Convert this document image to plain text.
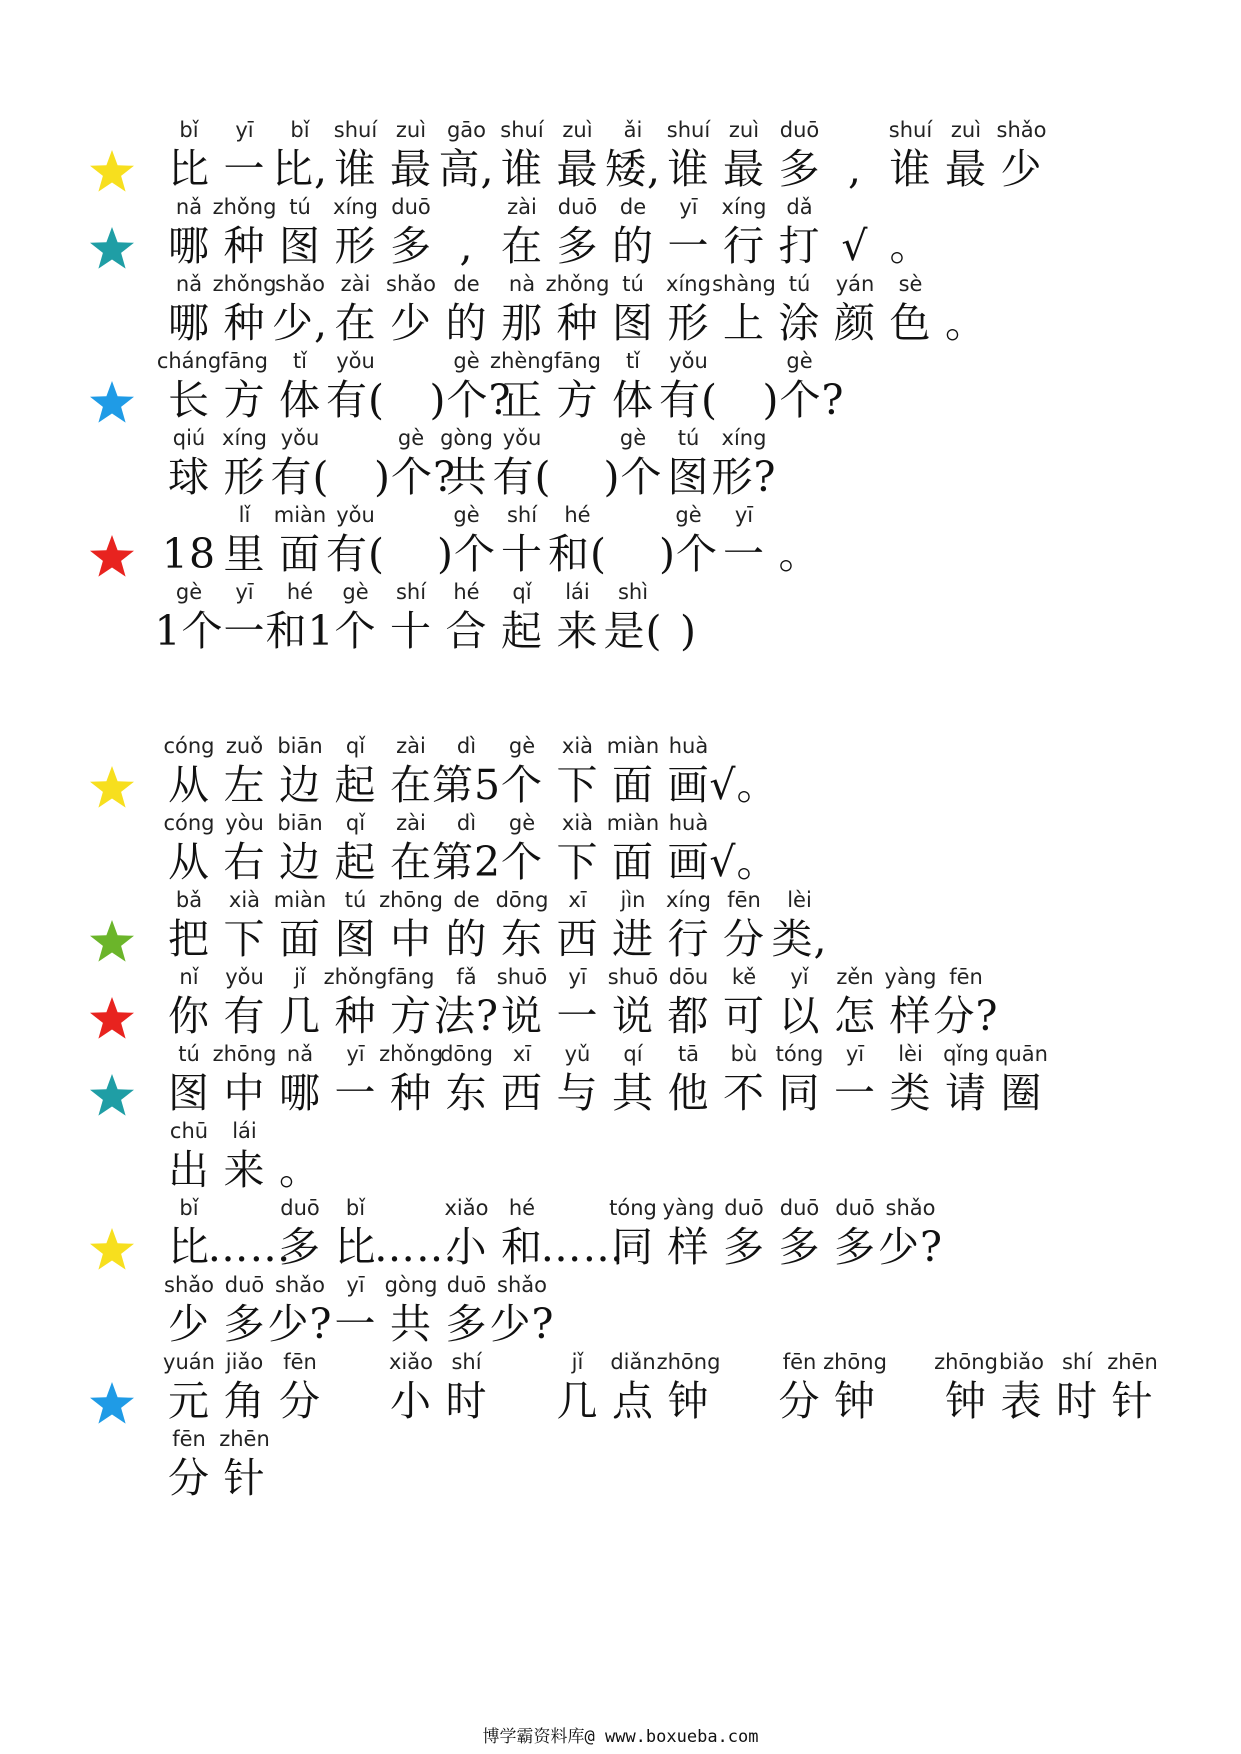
bǐ
比
yī
一
bǐ
比,
shuí
谁
zuì
最
gāo
高,
shuí
谁
zuì
最
ǎi
矮,
shuí
谁
zuì
最
duō
多 ,
shuí
谁
zuì
最
shǎo
少
nǎ
哪
zhǒng
种
tú
图
xíng
形
duō
多 ,
zài
在
duō
多
de
的
yī
一
xíng
行
dǎ
打 √ 。
nǎ
哪
zhǒng
种
shǎo
少,
zài
在
shǎo
少
de
的
nà
那
zhǒng
种
tú
图
xíng
形
shàng
上
tú
涂
yán
颜
sè
色 。
cháng
长
fāng
方
tǐ
体
yǒu
有(
gè
)个?
zhèng
正
fāng
方
tǐ
体
yǒu
有(
gè
)个?
qiú
球
xíng
形
yǒu
有(
gè
)个?
gòng
共
yǒu
有(
gè
)个
tú
图
xíng
形?
18
lǐ
里
miàn
面
yǒu
有(
gè
)个
shí
十
hé
和(
gè
)个
yī
一 。
gè
1个
yī
一
hé
和1
gè
个
shí
十
hé
合
qǐ
起
lái
来
shì
是( )
cóng
从
zuǒ
左
biān
边
qǐ
起
zài
在
dì
第5
gè
个
xià
下
miàn
面
huà
画 √。
cóng
从
yòu
右
biān
边
qǐ
起
zài
在
dì
第2
gè
个
xià
下
miàn
面
huà
画 √。
bǎ
把
xià
下
miàn
面
tú
图
zhōng
中
de
的
dōng
东
xī
西
jìn
进
xíng
行
fēn
分
lèi
类,
nǐ
你
yǒu
有
jǐ
几
zhǒng
种
fāng
方
fǎ
法?
shuō
说
yī
一
shuō
说
dōu
都
kě
可
yǐ
以
zěn
怎
yàng
样
fēn
分?
tú
图
zhōng
中
nǎ
哪
yī
一
zhǒng
种
dōng
东
xī
西
yǔ
与
qí
其
tā
他
bù
不
tóng
同
yī
一
lèi
类
qǐng
请
quān
圈
chū
出
lái
来 。
bǐ
比
……
duō
多
bǐ
比
……
xiǎo
小
hé
和
……
tóng
同
yàng
样
duō
多
duō
多
duō
多
shǎo
少?
shǎo
少
duō
多
shǎo
少?
yī
一
gòng
共
duō
多
shǎo
少?
yuán
元
jiǎo
角
fēn
分
xiǎo
小
shí
时
jǐ
几
diǎn
点
zhōng
钟
fēn
分
zhōng
钟
zhōng
钟
biǎo
表
shí
时
zhēn
针
fēn
分
zhēn
针
博学霸资料库@ www.boxueba.com
